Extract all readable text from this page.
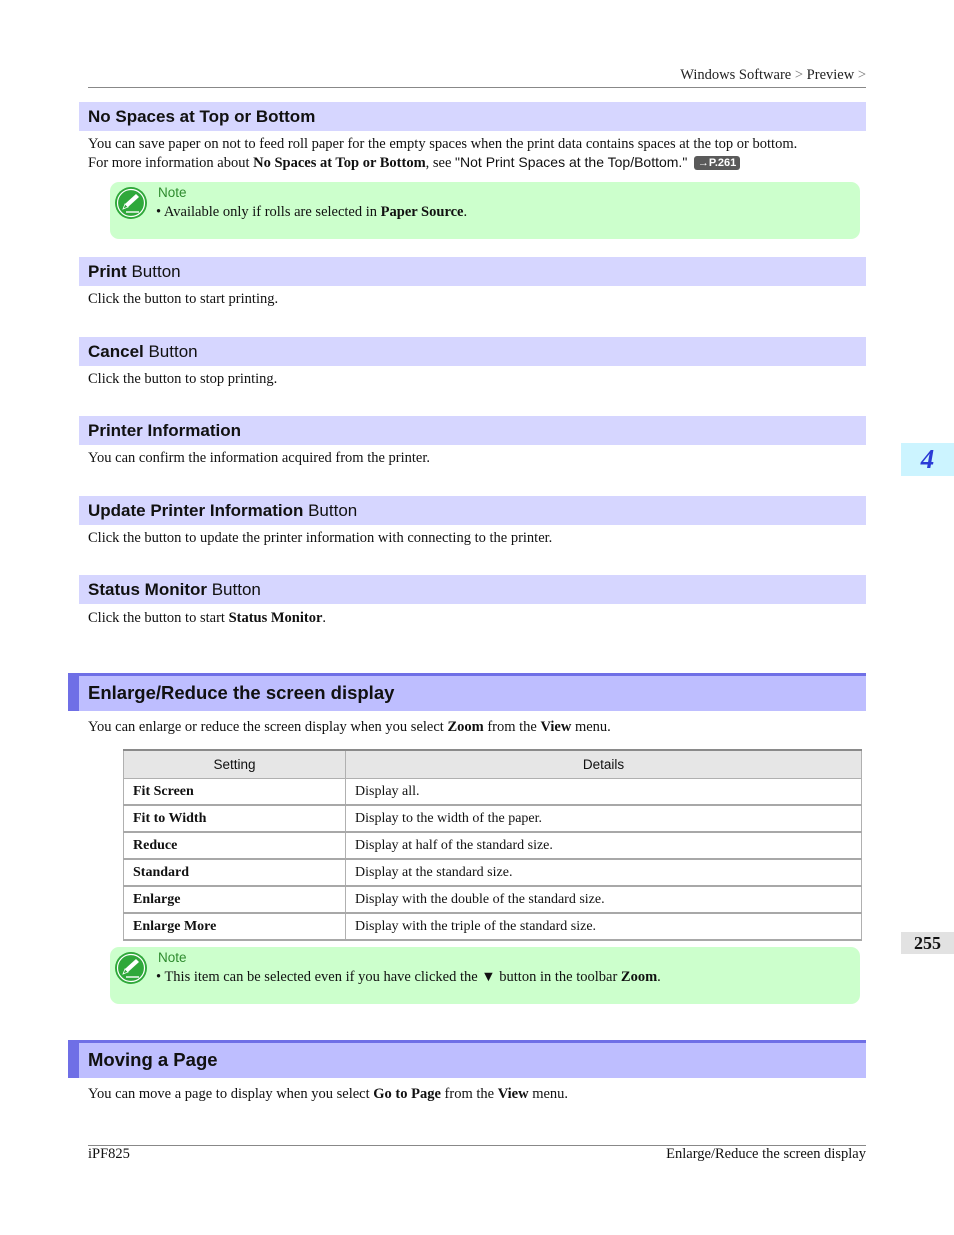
Windows Software > Preview >
No Spaces at Top or Bottom
You can save paper on not to feed roll paper for the empty spaces when the print data contains spaces at the top or bottom.
For more information about No Spaces at Top or Bottom, see "Not Print Spaces at the Top/Bottom." →P.261
Note
• Available only if rolls are selected in Paper Source.
Print Button
Click the button to start printing.
Cancel Button
Click the button to stop printing.
Printer Information
You can confirm the information acquired from the printer.
Update Printer Information Button
Click the button to update the printer information with connecting to the printer.
Status Monitor Button
Click the button to start Status Monitor.
Enlarge/Reduce the screen display
You can enlarge or reduce the screen display when you select Zoom from the View menu.
Setting	Details
Fit Screen	Display all.
Fit to Width	Display to the width of the paper.
Reduce	Display at half of the standard size.
Standard	Display at the standard size.
Enlarge	Display with the double of the standard size.
Enlarge More	Display with the triple of the standard size.
Note
• This item can be selected even if you have clicked the ▼ button in the toolbar Zoom.
Moving a Page
You can move a page to display when you select Go to Page from the View menu.
4
255
iPF825	Enlarge/Reduce the screen display
